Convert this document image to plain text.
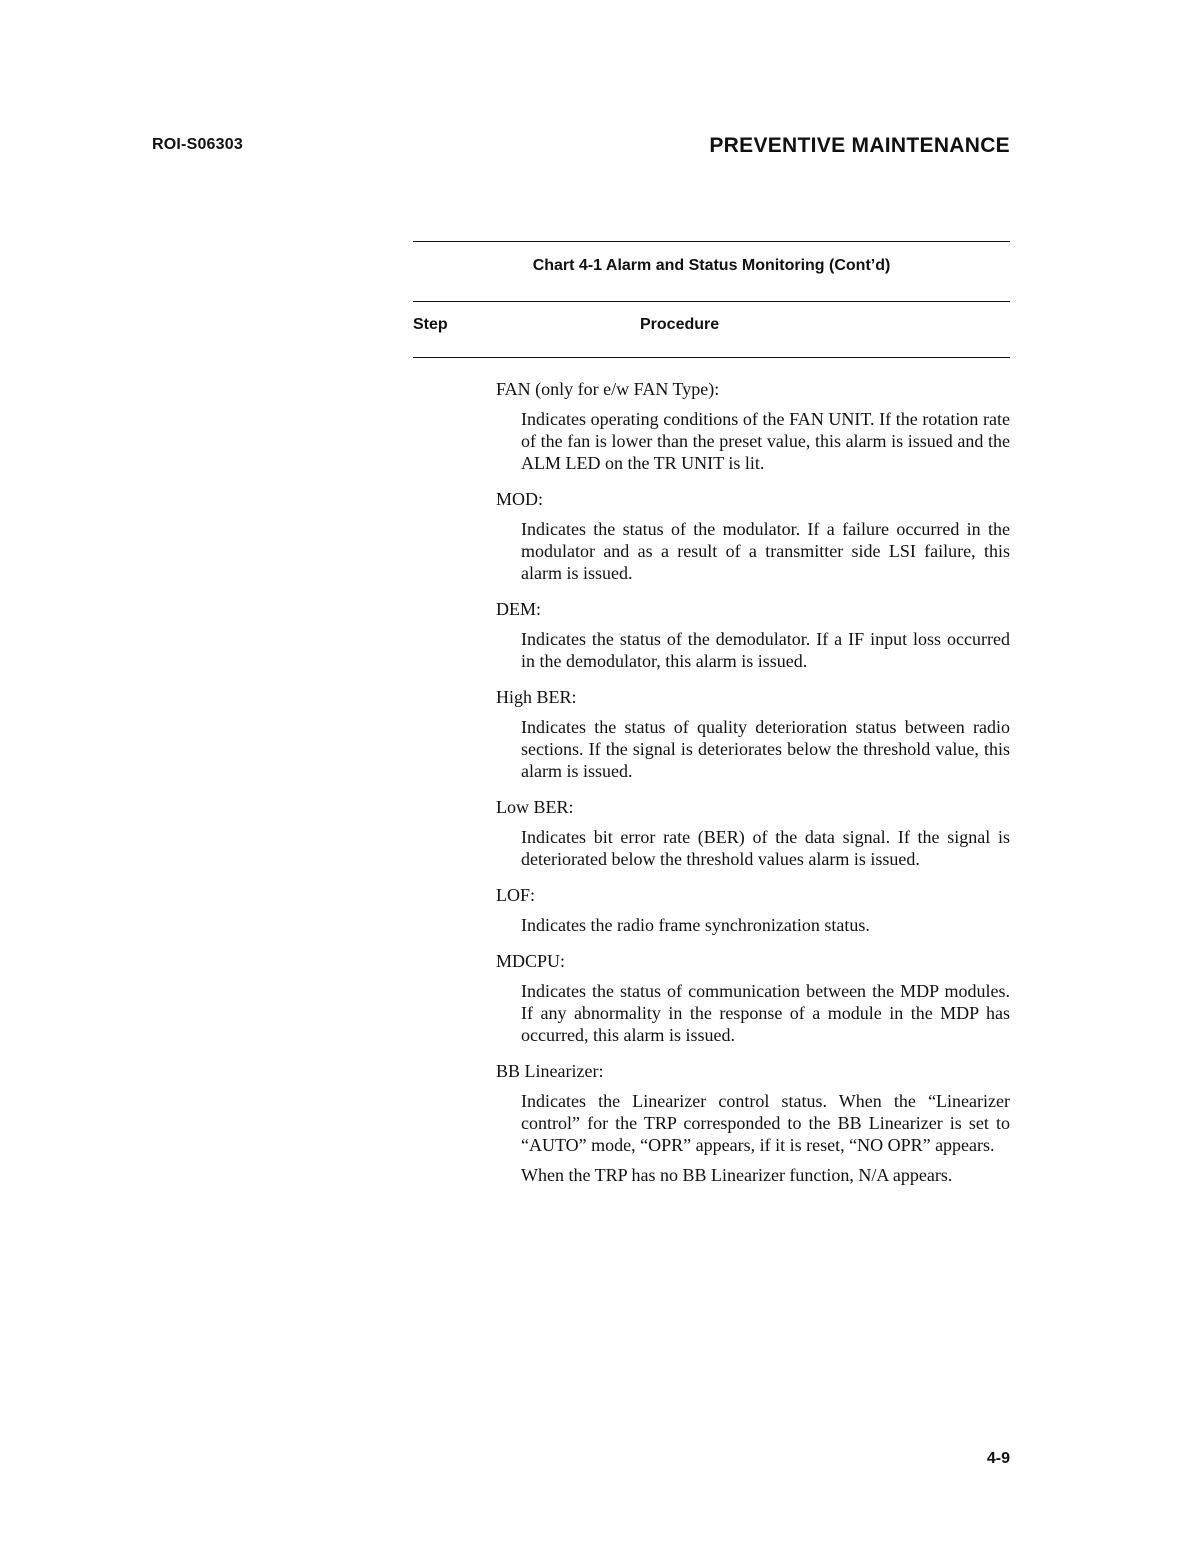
ROI-S06303	PREVENTIVE MAINTENANCE
Chart 4-1 Alarm and Status Monitoring (Cont’d)
Step	Procedure
FAN (only for e/w FAN Type):
Indicates operating conditions of the FAN UNIT. If the rotation rate of the fan is lower than the preset value, this alarm is issued and the ALM LED on the TR UNIT is lit.
MOD:
Indicates the status of the modulator. If a failure occurred in the modulator and as a result of a transmitter side LSI failure, this alarm is issued.
DEM:
Indicates the status of the demodulator. If a IF input loss occurred in the demodulator, this alarm is issued.
High BER:
Indicates the status of quality deterioration status between radio sections. If the signal is deteriorates below the threshold value, this alarm is issued.
Low BER:
Indicates bit error rate (BER) of the data signal. If the signal is deteriorated below the threshold values alarm is issued.
LOF:
Indicates the radio frame synchronization status.
MDCPU:
Indicates the status of communication between the MDP modules. If any abnormality in the response of a module in the MDP has occurred, this alarm is issued.
BB Linearizer:
Indicates the Linearizer control status. When the “Linearizer control” for the TRP corresponded to the BB Linearizer is set to “AUTO” mode, “OPR” appears, if it is reset, “NO OPR” appears.
When the TRP has no BB Linearizer function, N/A appears.
4-9
